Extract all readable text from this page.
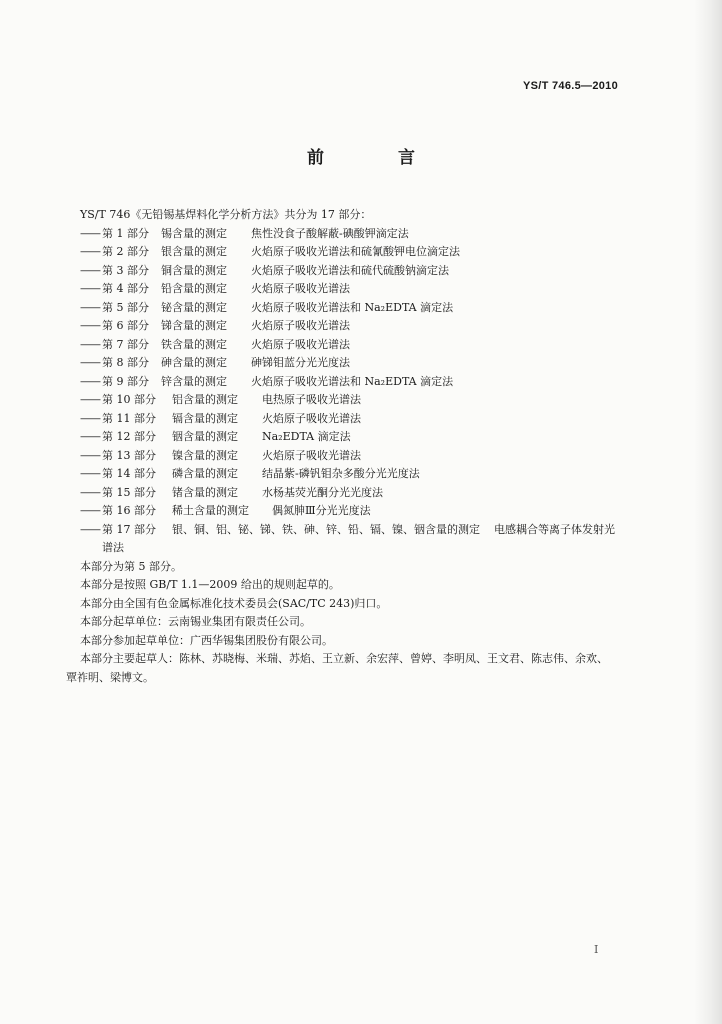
YS/T 746.5—2010
前 言
YS/T 746《无铅锡基焊料化学分析方法》共分为 17 部分：
—— 第 1 部分	锡含量的测定	焦性没食子酸解蔽-碘酸钾滴定法
—— 第 2 部分	银含量的测定	火焰原子吸收光谱法和硫氰酸钾电位滴定法
—— 第 3 部分	铜含量的测定	火焰原子吸收光谱法和硫代硫酸钠滴定法
—— 第 4 部分	铅含量的测定	火焰原子吸收光谱法
—— 第 5 部分	铋含量的测定	火焰原子吸收光谱法和 Na₂EDTA 滴定法
—— 第 6 部分	锑含量的测定	火焰原子吸收光谱法
—— 第 7 部分	铁含量的测定	火焰原子吸收光谱法
—— 第 8 部分	砷含量的测定	砷锑钼蓝分光光度法
—— 第 9 部分	锌含量的测定	火焰原子吸收光谱法和 Na₂EDTA 滴定法
—— 第 10 部分	铝含量的测定	电热原子吸收光谱法
—— 第 11 部分	镉含量的测定	火焰原子吸收光谱法
—— 第 12 部分	铟含量的测定	Na₂EDTA 滴定法
—— 第 13 部分	镍含量的测定	火焰原子吸收光谱法
—— 第 14 部分	磷含量的测定	结晶紫-磷钒钼杂多酸分光光度法
—— 第 15 部分	锗含量的测定	水杨基荧光酮分光光度法
—— 第 16 部分	稀土含量的测定	偶氮胂Ⅲ分光光度法
—— 第 17 部分	银、铜、铝、铋、锑、铁、砷、锌、铅、镉、镍、铟含量的测定 电感耦合等离子体发射光
谱法
本部分为第 5 部分。
本部分是按照 GB/T 1.1—2009 给出的规则起草的。
本部分由全国有色金属标准化技术委员会(SAC/TC 243)归口。
本部分起草单位：云南锡业集团有限责任公司。
本部分参加起草单位：广西华锡集团股份有限公司。
本部分主要起草人：陈林、苏晓梅、米瑞、苏焰、王立新、余宏萍、曾婷、李明凤、王文君、陈志伟、余欢、
覃祚明、梁博文。
I
